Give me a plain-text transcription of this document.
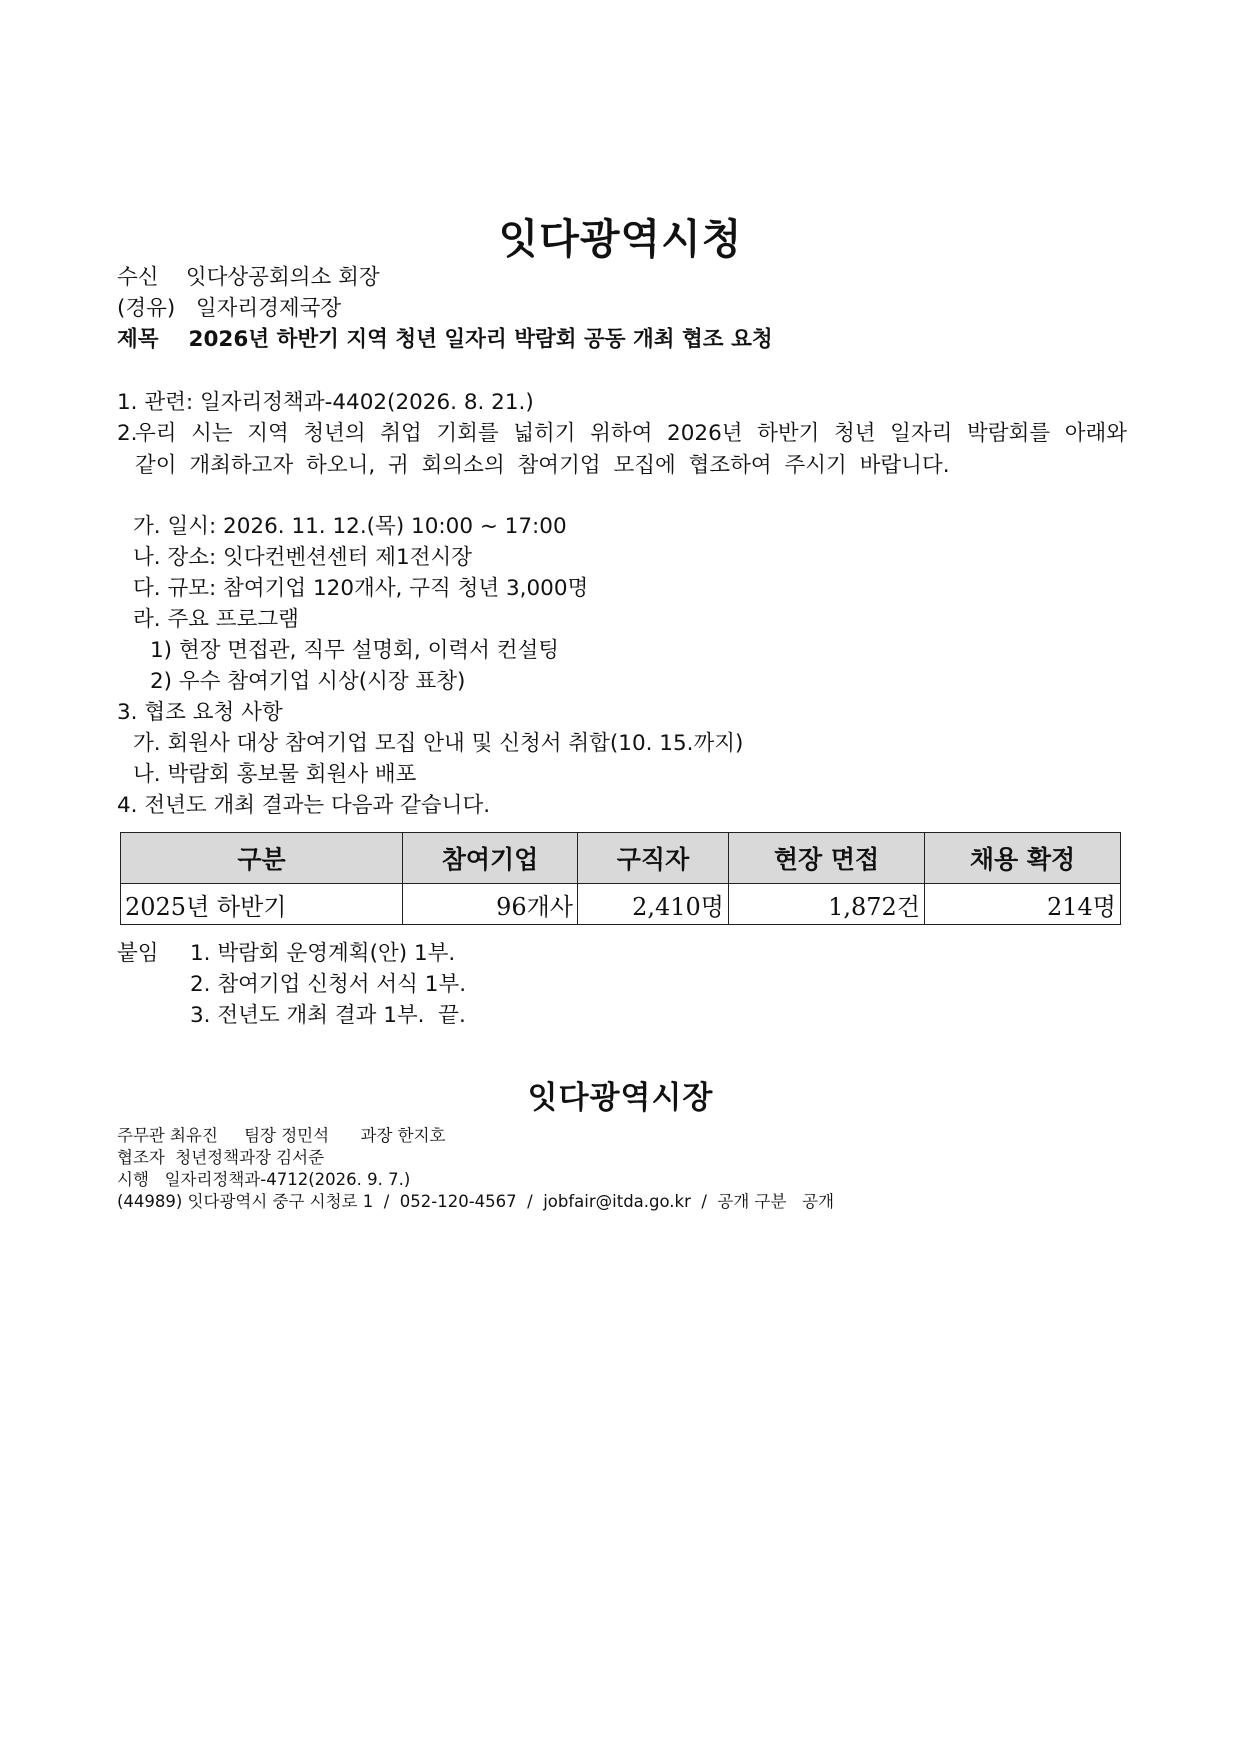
잇다광역시청
수신    잇다상공회의소 회장
(경유)   일자리경제국장
제목    2026년 하반기 지역 청년 일자리 박람회 공동 개최 협조 요청
1. 관련: 일자리정책과-4402(2026. 8. 21.)
2.
우리 시는 지역 청년의 취업 기회를 넓히기 위하여 2026년 하반기 청년 일자리 박람회를 아래와 같이 개최하고자 하오니, 귀 회의소의 참여기업 모집에 협조하여 주시기 바랍니다.
가. 일시: 2026. 11. 12.(목) 10:00 ~ 17:00
나. 장소: 잇다컨벤션센터 제1전시장
다. 규모: 참여기업 120개사, 구직 청년 3,000명
라. 주요 프로그램
1) 현장 면접관, 직무 설명회, 이력서 컨설팅
2) 우수 참여기업 시상(시장 표창)
3. 협조 요청 사항
가. 회원사 대상 참여기업 모집 안내 및 신청서 취합(10. 15.까지)
나. 박람회 홍보물 회원사 배포
4. 전년도 개최 결과는 다음과 같습니다.
구분	참여기업	구직자	현장 면접	채용 확정
2025년 하반기	96개사	2,410명	1,872건	214명
붙임 1. 박람회 운영계획(안) 1부.
2. 참여기업 신청서 서식 1부.
3. 전년도 개최 결과 1부.  끝.
잇다광역시장
주무관 최유진     팀장 정민석      과장 한지호
협조자  청년정책과장 김서준
시행   일자리정책과-4712(2026. 9. 7.)
(44989) 잇다광역시 중구 시청로 1  /  052-120-4567  /  jobfair@itda.go.kr  /  공개 구분   공개
